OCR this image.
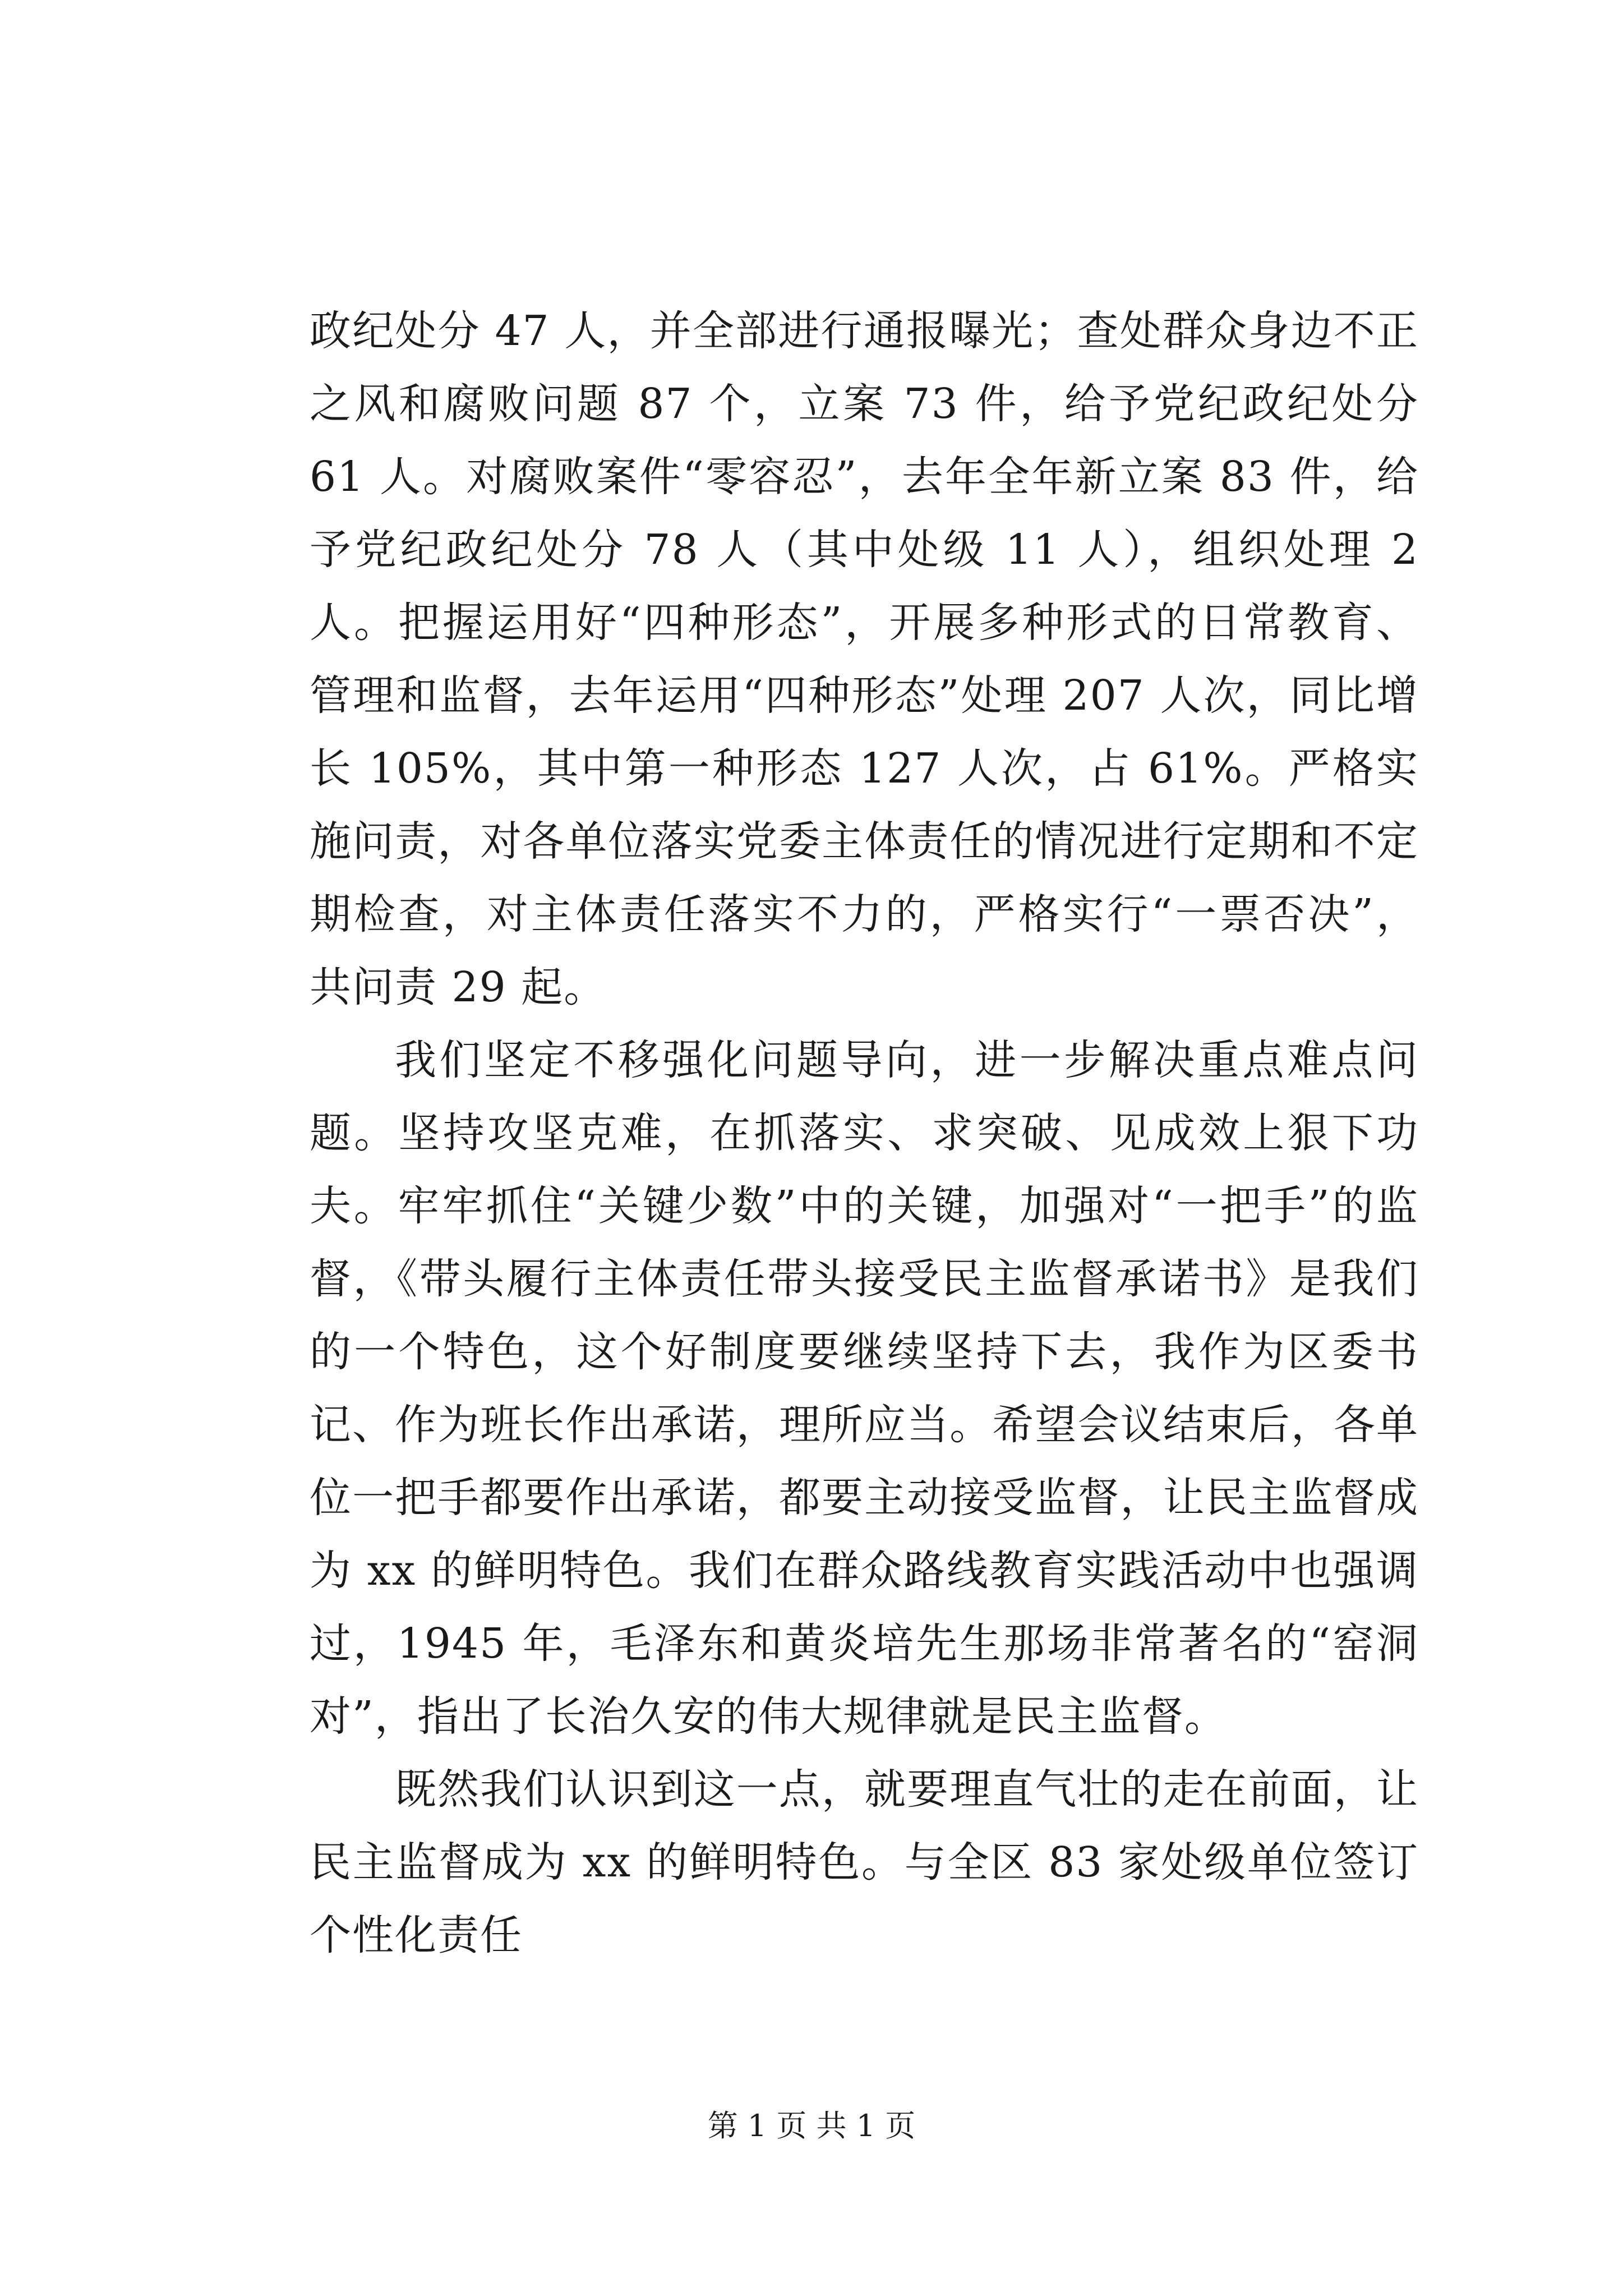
政纪处分 47 人，并全部进行通报曝光；查处群众身边不正之风和腐败问题 87 个，立案 73 件，给予党纪政纪处分 61 人。对腐败案件“零容忍”，去年全年新立案 83 件，给予党纪政纪处分 78 人（其中处级 11 人），组织处理 2 人。把握运用好“四种形态”，开展多种形式的日常教育、管理和监督，去年运用“四种形态”处理 207 人次，同比增长 105%，其中第一种形态 127 人次，占 61%。严格实施问责，对各单位落实党委主体责任的情况进行定期和不定期检查，对主体责任落实不力的，严格实行“一票否决”，共问责 29 起。

我们坚定不移强化问题导向，进一步解决重点难点问题。坚持攻坚克难，在抓落实、求突破、见成效上狠下功夫。牢牢抓住“关键少数”中的关键，加强对“一把手”的监督，《带头履行主体责任带头接受民主监督承诺书》是我们的一个特色，这个好制度要继续坚持下去，我作为区委书记、作为班长作出承诺，理所应当。希望会议结束后，各单位一把手都要作出承诺，都要主动接受监督，让民主监督成为 xx 的鲜明特色。我们在群众路线教育实践活动中也强调过，1945 年，毛泽东和黄炎培先生那场非常著名的“窑洞对”，指出了长治久安的伟大规律就是民主监督。

既然我们认识到这一点，就要理直气壮的走在前面，让民主监督成为 xx 的鲜明特色。与全区 83 家处级单位签订个性化责任

第 1 页 共 1 页
